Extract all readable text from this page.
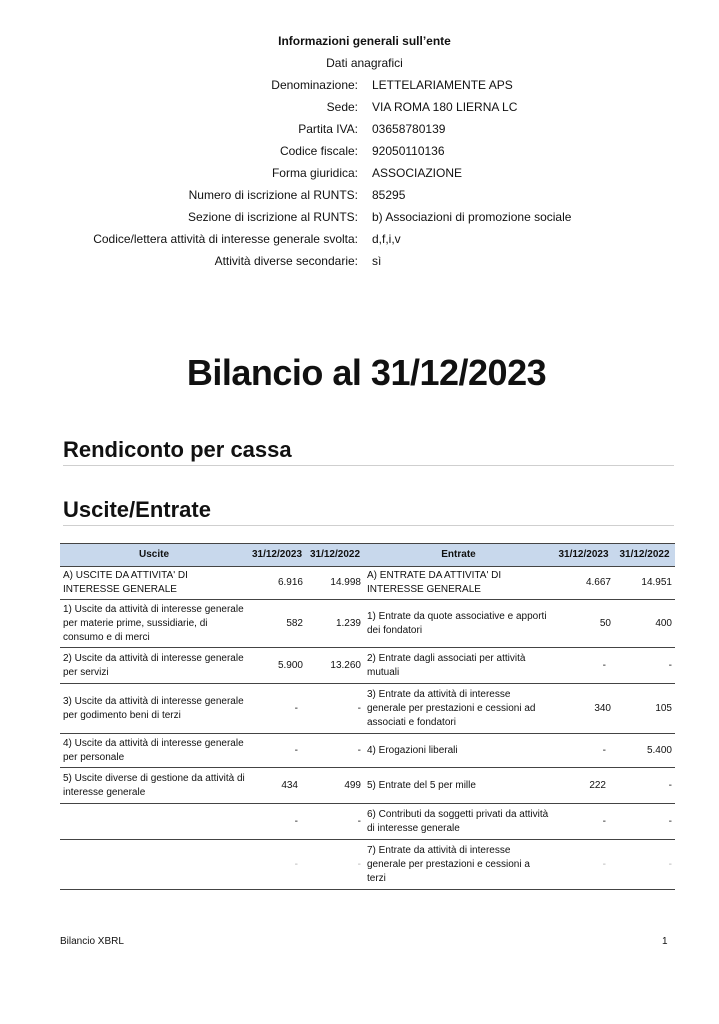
Informazioni generali sull’ente
Dati anagrafici
Denominazione: LETTELARIAMENTE APS
Sede: VIA ROMA 180 LIERNA LC
Partita IVA: 03658780139
Codice fiscale: 92050110136
Forma giuridica: ASSOCIAZIONE
Numero di iscrizione al RUNTS: 85295
Sezione di iscrizione al RUNTS: b) Associazioni di promozione sociale
Codice/lettera attività di interesse generale svolta: d,f,i,v
Attività diverse secondarie: sì
Bilancio al 31/12/2023
Rendiconto per cassa
Uscite/Entrate
Uscite	31/12/2023	31/12/2022	Entrate	31/12/2023	31/12/2022
A) USCITE DA ATTIVITA' DI INTERESSE GENERALE	6.916	14.998	A) ENTRATE DA ATTIVITA' DI INTERESSE GENERALE	4.667	14.951
1) Uscite da attività di interesse generale per materie prime, sussidiarie, di consumo e di merci	582	1.239	1) Entrate da quote associative e apporti dei fondatori	50	400
2) Uscite da attività di interesse generale per servizi	5.900	13.260	2) Entrate dagli associati per attività mutuali	-	-
3) Uscite da attività di interesse generale per godimento beni di terzi	-	-	3) Entrate da attività di interesse generale per prestazioni e cessioni ad associati e fondatori	340	105
4) Uscite da attività di interesse generale per personale	-	-	4) Erogazioni liberali	-	5.400
5) Uscite diverse di gestione da attività di interesse generale	434	499	5) Entrate del 5 per mille	222	-
	-	-	6) Contributi da soggetti privati da attività di interesse generale	-	-
	-	-	7) Entrate da attività di interesse generale per prestazioni e cessioni a terzi	-	-
Bilancio XBRL	1
